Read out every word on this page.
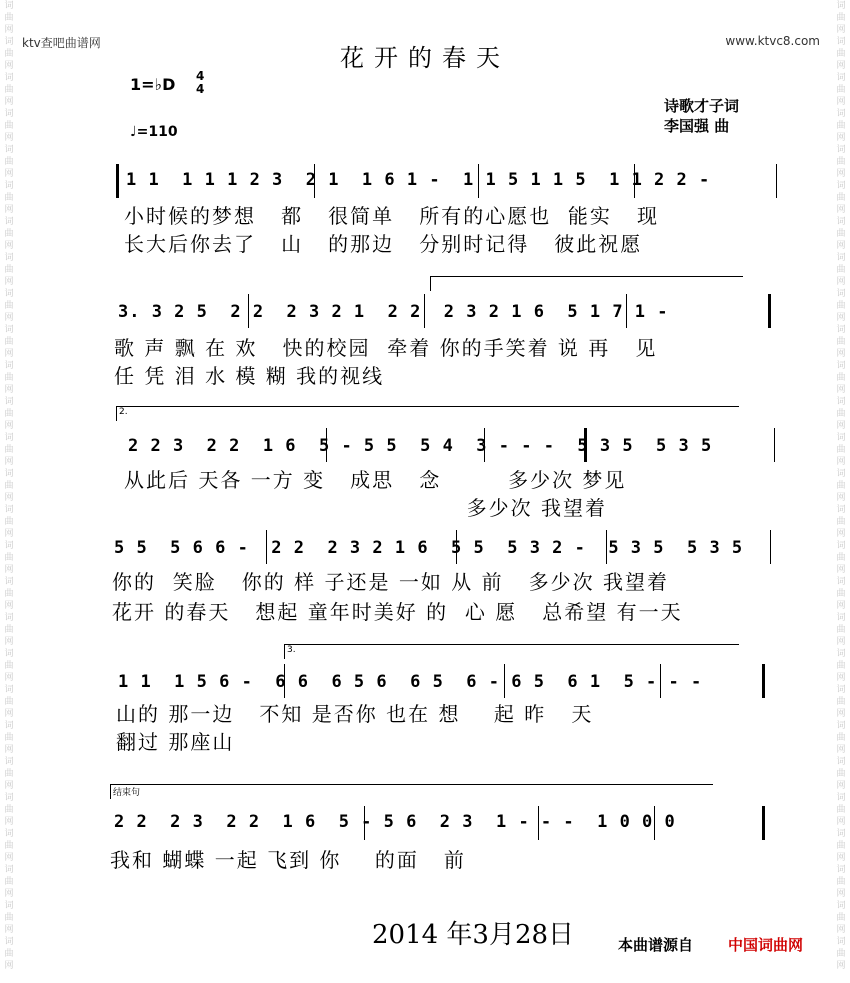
词曲网词曲网词曲网词曲网词曲网词曲网词曲网词曲网词曲网词曲网词曲网词曲网词曲网词曲网词曲网词曲网词曲网词曲网词曲网词曲网词曲网词曲网词曲网词曲网词曲网词曲网词曲网
词曲网词曲网词曲网词曲网词曲网词曲网词曲网词曲网词曲网词曲网词曲网词曲网词曲网词曲网词曲网词曲网词曲网词曲网词曲网词曲网词曲网词曲网词曲网词曲网词曲网词曲网词曲网
ktv查吧曲谱网	www.ktvc8.com
花开的春天
1=♭D 4
4
♩=110
诗歌才子词
李国强 曲
1 1  1 1 1 2 3  2 1  1 6 1 -  1 1 5 1 1 5  1 1 2 2 -
小时候的梦想   都   很简单   所有的心愿也  能实   现
长大后你去了   山   的那边   分别时记得   彼此祝愿
3. 3 2 5  2 2  2 3 2 1  2 2  2 3 2 1 6  5 1 7 1 -
歌 声 飘 在 欢   快的校园  牵着 你的手笑着 说 再   见
任 凭 泪 水 模 糊 我的视线
2.
2 2 3  2 2  1 6  5 - 5 5  5 4  3 - - -  5 3 5  5 3 5
从此后 天各 一方 变   成思   念        多少次 梦见
多少次 我望着
5 5  5 6 6 -  2 2  2 3 2 1 6  5 5  5 3 2 -  5 3 5  5 3 5
你的  笑脸   你的 样 子还是 一如 从 前   多少次 我望着
花开 的春天   想起 童年时美好 的  心 愿   总希望 有一天
3.
1 1  1 5 6 -  6 6  6 5 6  6 5  6 - 6 5  6 1  5 - - -
山的 那一边   不知 是否你 也在 想    起 昨   天
翻过 那座山
结束句
2 2  2 3  2 2  1 6  5 - 5 6  2 3  1 - - -  1 0 0 0
我和 蝴蝶 一起 飞到 你    的面   前
2014 年3月28日	本曲谱源自 中国词曲网
